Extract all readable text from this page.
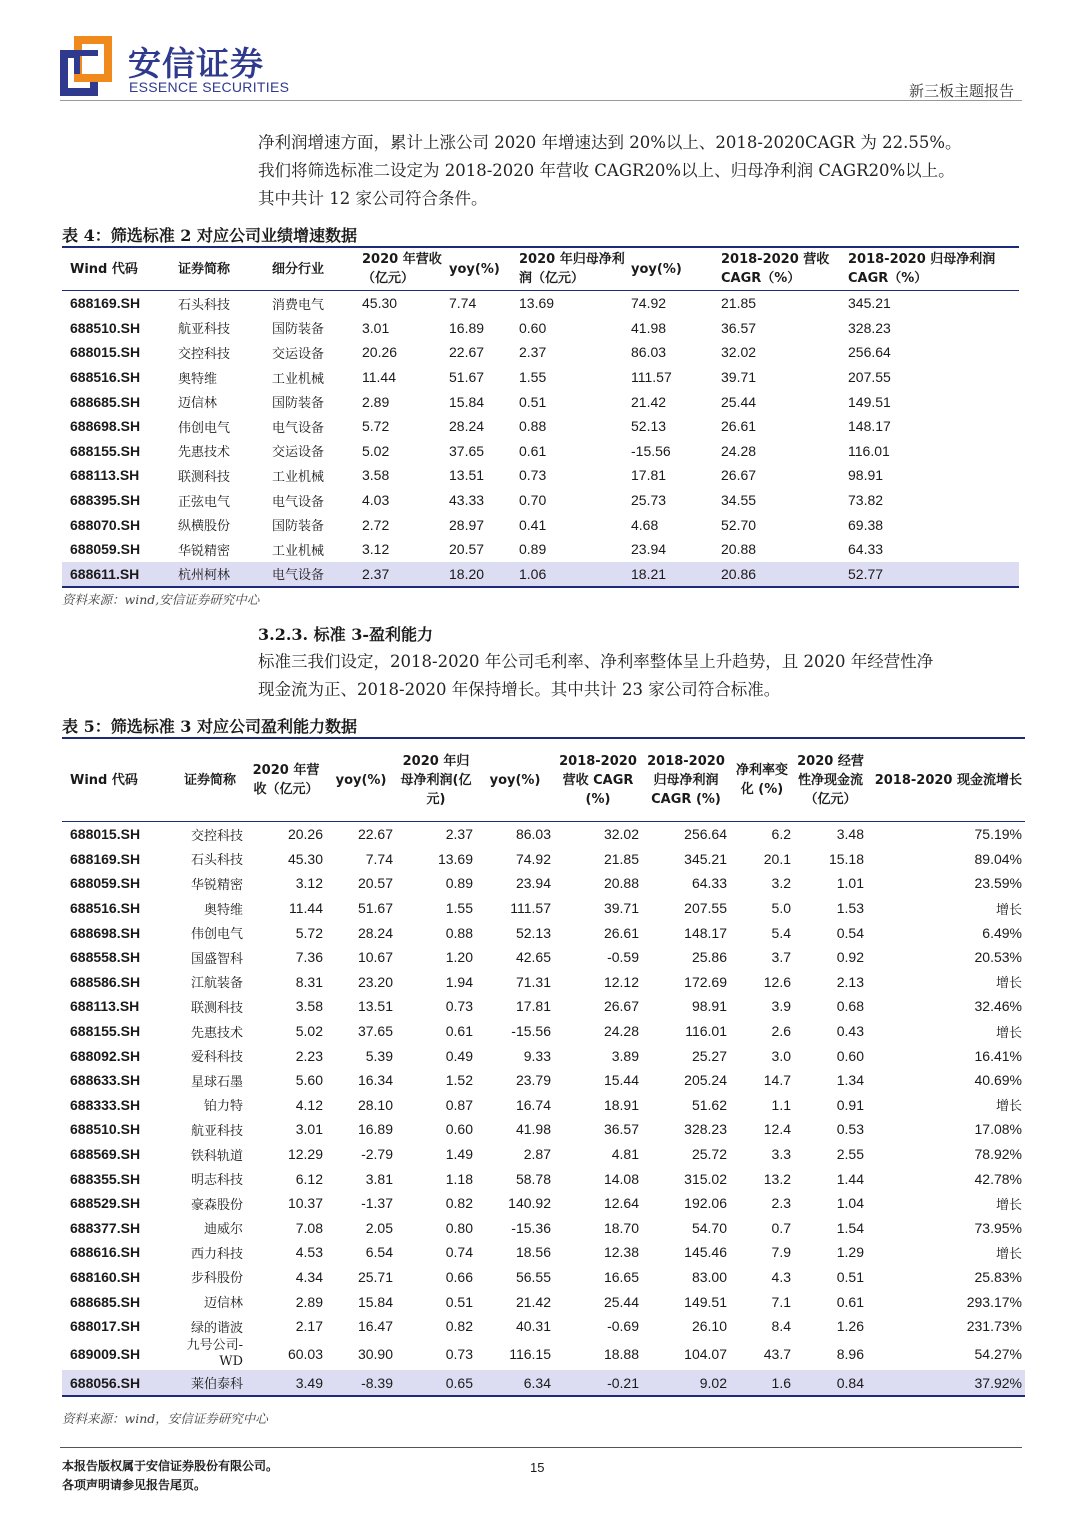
安信证券
ESSENCE SECURITIES	新三板主题报告

净利润增速方面，累计上涨公司 2020 年增速达到 20%以上、2018-2020CAGR 为 22.55%。

我们将筛选标准二设定为 2018-2020 年营收 CAGR20%以上、归母净利润 CAGR20%以上。

其中共计 12 家公司符合条件。

表 4：筛选标准 2 对应公司业绩增速数据
Wind 代码	证券简称	细分行业	2020 年营收（亿元）	yoy(%)	2020 年归母净利润（亿元）	yoy(%)	2018-2020 营收 CAGR（%）	2018-2020 归母净利润 CAGR（%）
688169.SH	石头科技	消费电气	45.30	7.74	13.69	74.92	21.85	345.21
688510.SH	航亚科技	国防装备	3.01	16.89	0.60	41.98	36.57	328.23
688015.SH	交控科技	交运设备	20.26	22.67	2.37	86.03	32.02	256.64
688516.SH	奥特维	工业机械	11.44	51.67	1.55	111.57	39.71	207.55
688685.SH	迈信林	国防装备	2.89	15.84	0.51	21.42	25.44	149.51
688698.SH	伟创电气	电气设备	5.72	28.24	0.88	52.13	26.61	148.17
688155.SH	先惠技术	交运设备	5.02	37.65	0.61	-15.56	24.28	116.01
688113.SH	联测科技	工业机械	3.58	13.51	0.73	17.81	26.67	98.91
688395.SH	正弦电气	电气设备	4.03	43.33	0.70	25.73	34.55	73.82
688070.SH	纵横股份	国防装备	2.72	28.97	0.41	4.68	52.70	69.38
688059.SH	华锐精密	工业机械	3.12	20.57	0.89	23.94	20.88	64.33
688611.SH	杭州柯林	电气设备	2.37	18.20	1.06	18.21	20.86	52.77
资料来源：wind,安信证券研究中心
3.2.3. 标准 3-盈利能力

标准三我们设定，2018-2020 年公司毛利率、净利率整体呈上升趋势，且 2020 年经营性净

现金流为正、2018-2020 年保持增长。其中共计 23 家公司符合标准。

表 5：筛选标准 3 对应公司盈利能力数据
Wind 代码	证券简称	2020 年营收（亿元）	yoy(%)	2020 年归母净利润(亿元)	yoy(%)	2018-2020 营收 CAGR (%)	2018-2020 归母净利润 CAGR (%)	净利率变化 (%)	2020 经营性净现金流（亿元）	2018-2020 现金流增长
688015.SH	交控科技	20.26	22.67	2.37	86.03	32.02	256.64	6.2	3.48	75.19%
688169.SH	石头科技	45.30	7.74	13.69	74.92	21.85	345.21	20.1	15.18	89.04%
688059.SH	华锐精密	3.12	20.57	0.89	23.94	20.88	64.33	3.2	1.01	23.59%
688516.SH	奥特维	11.44	51.67	1.55	111.57	39.71	207.55	5.0	1.53	增长
688698.SH	伟创电气	5.72	28.24	0.88	52.13	26.61	148.17	5.4	0.54	6.49%
688558.SH	国盛智科	7.36	10.67	1.20	42.65	-0.59	25.86	3.7	0.92	20.53%
688586.SH	江航装备	8.31	23.20	1.94	71.31	12.12	172.69	12.6	2.13	增长
688113.SH	联测科技	3.58	13.51	0.73	17.81	26.67	98.91	3.9	0.68	32.46%
688155.SH	先惠技术	5.02	37.65	0.61	-15.56	24.28	116.01	2.6	0.43	增长
688092.SH	爱科科技	2.23	5.39	0.49	9.33	3.89	25.27	3.0	0.60	16.41%
688633.SH	星球石墨	5.60	16.34	1.52	23.79	15.44	205.24	14.7	1.34	40.69%
688333.SH	铂力特	4.12	28.10	0.87	16.74	18.91	51.62	1.1	0.91	增长
688510.SH	航亚科技	3.01	16.89	0.60	41.98	36.57	328.23	12.4	0.53	17.08%
688569.SH	铁科轨道	12.29	-2.79	1.49	2.87	4.81	25.72	3.3	2.55	78.92%
688355.SH	明志科技	6.12	3.81	1.18	58.78	14.08	315.02	13.2	1.44	42.78%
688529.SH	豪森股份	10.37	-1.37	0.82	140.92	12.64	192.06	2.3	1.04	增长
688377.SH	迪威尔	7.08	2.05	0.80	-15.36	18.70	54.70	0.7	1.54	73.95%
688616.SH	西力科技	4.53	6.54	0.74	18.56	12.38	145.46	7.9	1.29	增长
688160.SH	步科股份	4.34	25.71	0.66	56.55	16.65	83.00	4.3	0.51	25.83%
688685.SH	迈信林	2.89	15.84	0.51	21.42	25.44	149.51	7.1	0.61	293.17%
688017.SH	绿的谐波	2.17	16.47	0.82	40.31	-0.69	26.10	8.4	1.26	231.73%
689009.SH	九号公司-WD	60.03	30.90	0.73	116.15	18.88	104.07	43.7	8.96	54.27%
688056.SH	莱伯泰科	3.49	-8.39	0.65	6.34	-0.21	9.02	1.6	0.84	37.92%
资料来源：wind，安信证券研究中心
本报告版权属于安信证券股份有限公司。
各项声明请参见报告尾页。
15
